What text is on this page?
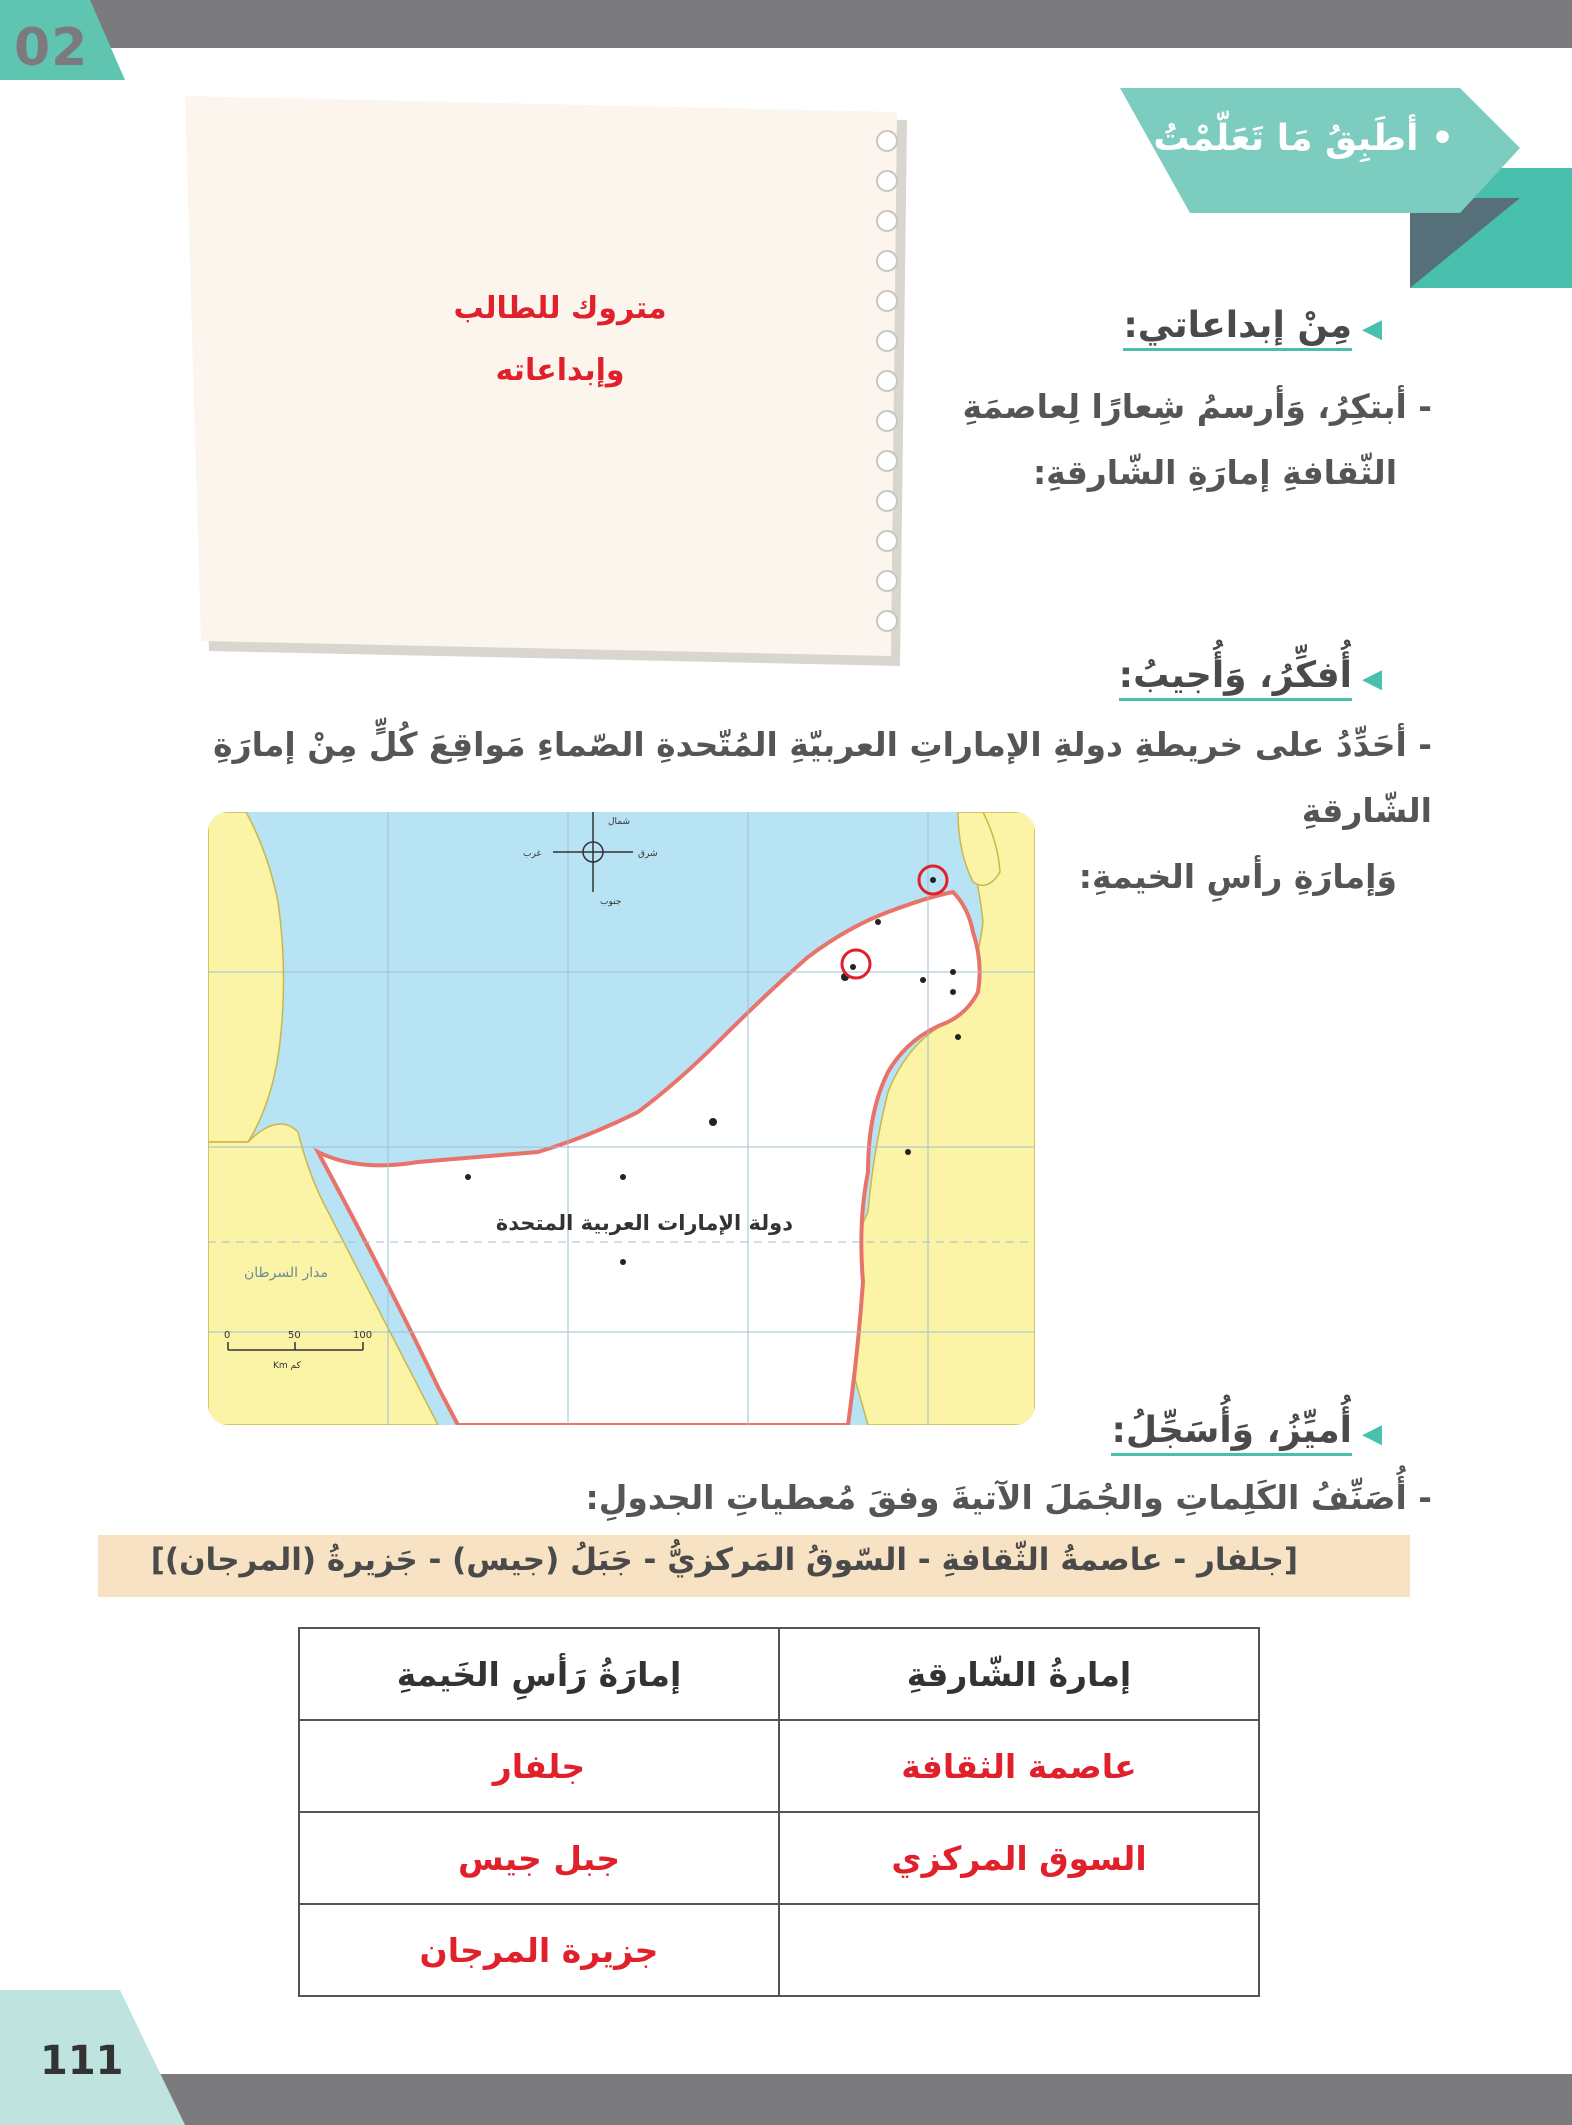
02
• أطَبِقُ مَا تَعَلّمْتُ
متروك للطالب
وإبداعاته
◀مِنْ إبداعاتي:
- أبتكِرُ، وَأرسمُ شِعارًا لِعاصمَةِ
الثّقافةِ إمارَةِ الشّارقةِ:
◀أُفكِّرُ، وَأُجيبُ:
- أحَدِّدُ على خريطةِ دولةِ الإماراتِ العربيّةِ المُتّحدةِ الصّماءِ مَواقِعَ كُلٍّ مِنْ إمارَةِ الشّارقةِ
وَإمارَةِ رأسِ الخيمةِ:
شمال
جنوب
شرق
غرب
دولة الإمارات العربية المتحدة
مدار السرطان
0	50	100
Km كم
◀أُميِّزُ، وَأُسَجِّلُ:
- أُصَنِّفُ الكَلِماتِ والجُمَلَ الآتيةَ وفقَ مُعطياتِ الجدولِ:
[جلفار - عاصمةُ الثّقافةِ - السّوقُ المَركزيُّ - جَبَلُ (جيس) - جَزيرةُ (المرجان)]
إمارةُ الشّارقةِ	إمارَةُ رَأسِ الخَيمةِ
عاصمة الثقافة	جلفار
السوق المركزي	جبل جيس
	جزيرة المرجان
111
